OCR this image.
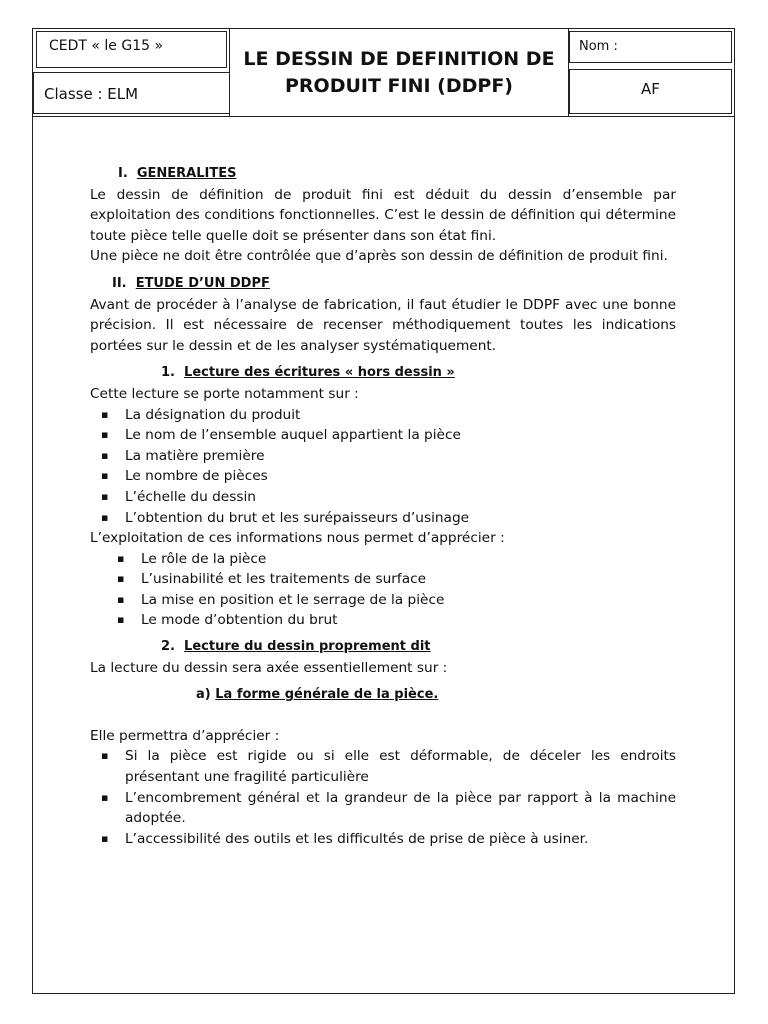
CEDT « le G15 »
Classe : ELM
LE DESSIN DE DEFINITION DE
PRODUIT FINI (DDPF)
Nom :
AF
I. GENERALITES
Le dessin de définition de produit fini est déduit du dessin d’ensemble par exploitation des conditions fonctionnelles. C’est le dessin de définition qui détermine toute pièce telle quelle doit se présenter dans son état fini.
Une pièce ne doit être contrôlée que d’après son dessin de définition de produit fini.
II. ETUDE D’UN DDPF
Avant de procéder à l’analyse de fabrication, il faut étudier le DDPF avec une bonne précision. Il est nécessaire de recenser méthodiquement toutes les indications portées sur le dessin et de les analyser systématiquement.
1. Lecture des écritures « hors dessin »
Cette lecture se porte notamment sur :
▪ La désignation du produit
▪ Le nom de l’ensemble auquel appartient la pièce
▪ La matière première
▪ Le nombre de pièces
▪ L’échelle du dessin
▪ L’obtention du brut et les surépaisseurs d’usinage
L’exploitation de ces informations nous permet d’apprécier :
▪ Le rôle de la pièce
▪ L’usinabilité et les traitements de surface
▪ La mise en position et le serrage de la pièce
▪ Le mode d’obtention du brut
2. Lecture du dessin proprement dit
La lecture du dessin sera axée essentiellement sur :
a) La forme générale de la pièce.
Elle permettra d’apprécier :
▪ Si la pièce est rigide ou si elle est déformable, de déceler les endroits présentant une fragilité particulière
▪ L’encombrement général et la grandeur de la pièce par rapport à la machine adoptée.
▪ L’accessibilité des outils et les difficultés de prise de pièce à usiner.
